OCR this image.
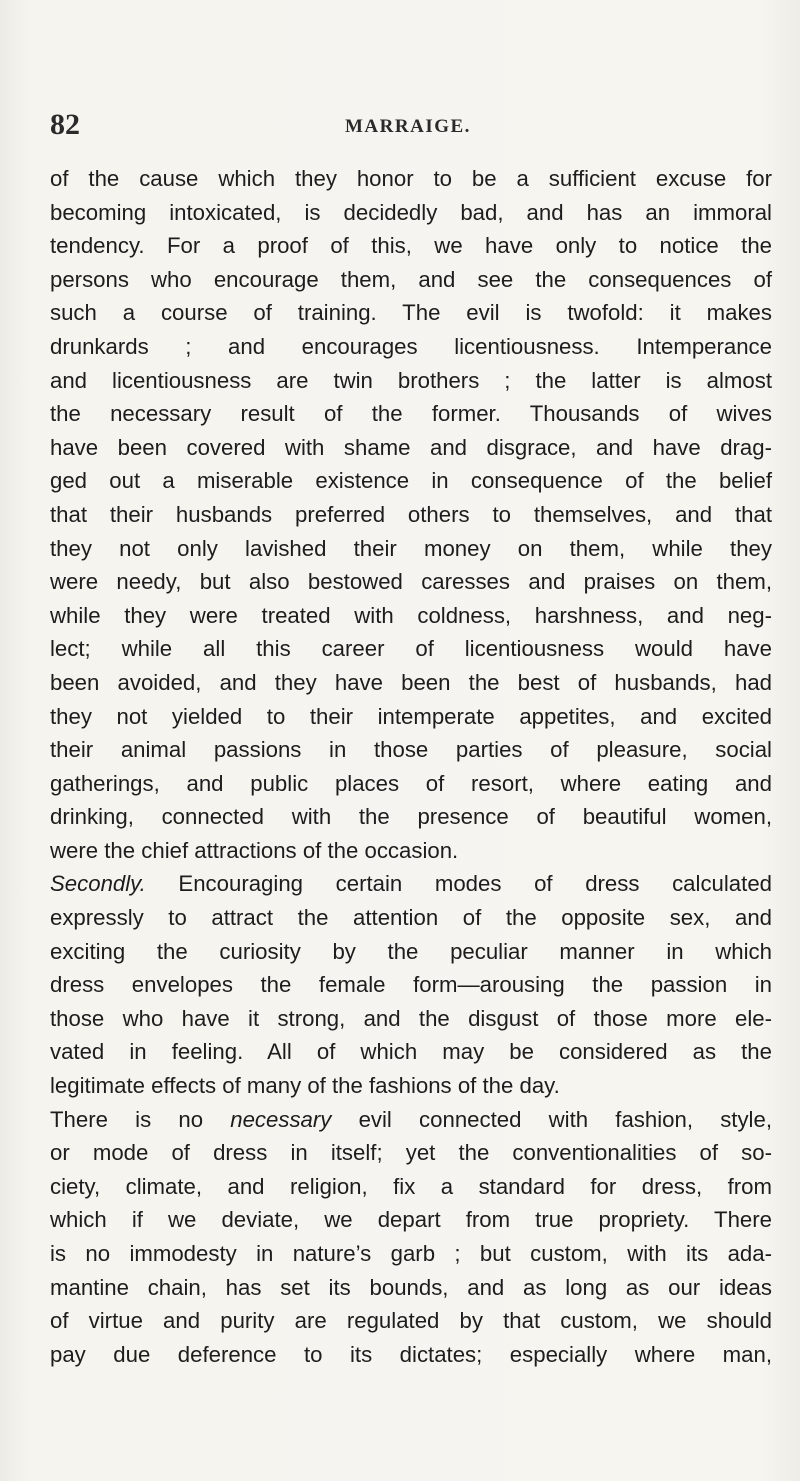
82	MARRAIGE.
of the cause which they honor to be a sufficient excuse for
becoming intoxicated, is decidedly bad, and has an immoral
tendency. For a proof of this, we have only to notice the
persons who encourage them, and see the consequences of
such a course of training. The evil is twofold: it makes
drunkards ; and encourages licentiousness. Intemperance
and licentiousness are twin brothers ; the latter is almost
the necessary result of the former. Thousands of wives
have been covered with shame and disgrace, and have drag-
ged out a miserable existence in consequence of the belief
that their husbands preferred others to themselves, and that
they not only lavished their money on them, while they
were needy, but also bestowed caresses and praises on them,
while they were treated with coldness, harshness, and neg-
lect; while all this career of licentiousness would have
been avoided, and they have been the best of husbands, had
they not yielded to their intemperate appetites, and excited
their animal passions in those parties of pleasure, social
gatherings, and public places of resort, where eating and
drinking, connected with the presence of beautiful women,
were the chief attractions of the occasion.
Secondly. Encouraging certain modes of dress calculated
expressly to attract the attention of the opposite sex, and
exciting the curiosity by the peculiar manner in which
dress envelopes the female form—arousing the passion in
those who have it strong, and the disgust of those more ele-
vated in feeling. All of which may be considered as the
legitimate effects of many of the fashions of the day.
There is no necessary evil connected with fashion, style,
or mode of dress in itself; yet the conventionalities of so-
ciety, climate, and religion, fix a standard for dress, from
which if we deviate, we depart from true propriety. There
is no immodesty in nature’s garb ; but custom, with its ada-
mantine chain, has set its bounds, and as long as our ideas
of virtue and purity are regulated by that custom, we should
pay due deference to its dictates; especially where man,
